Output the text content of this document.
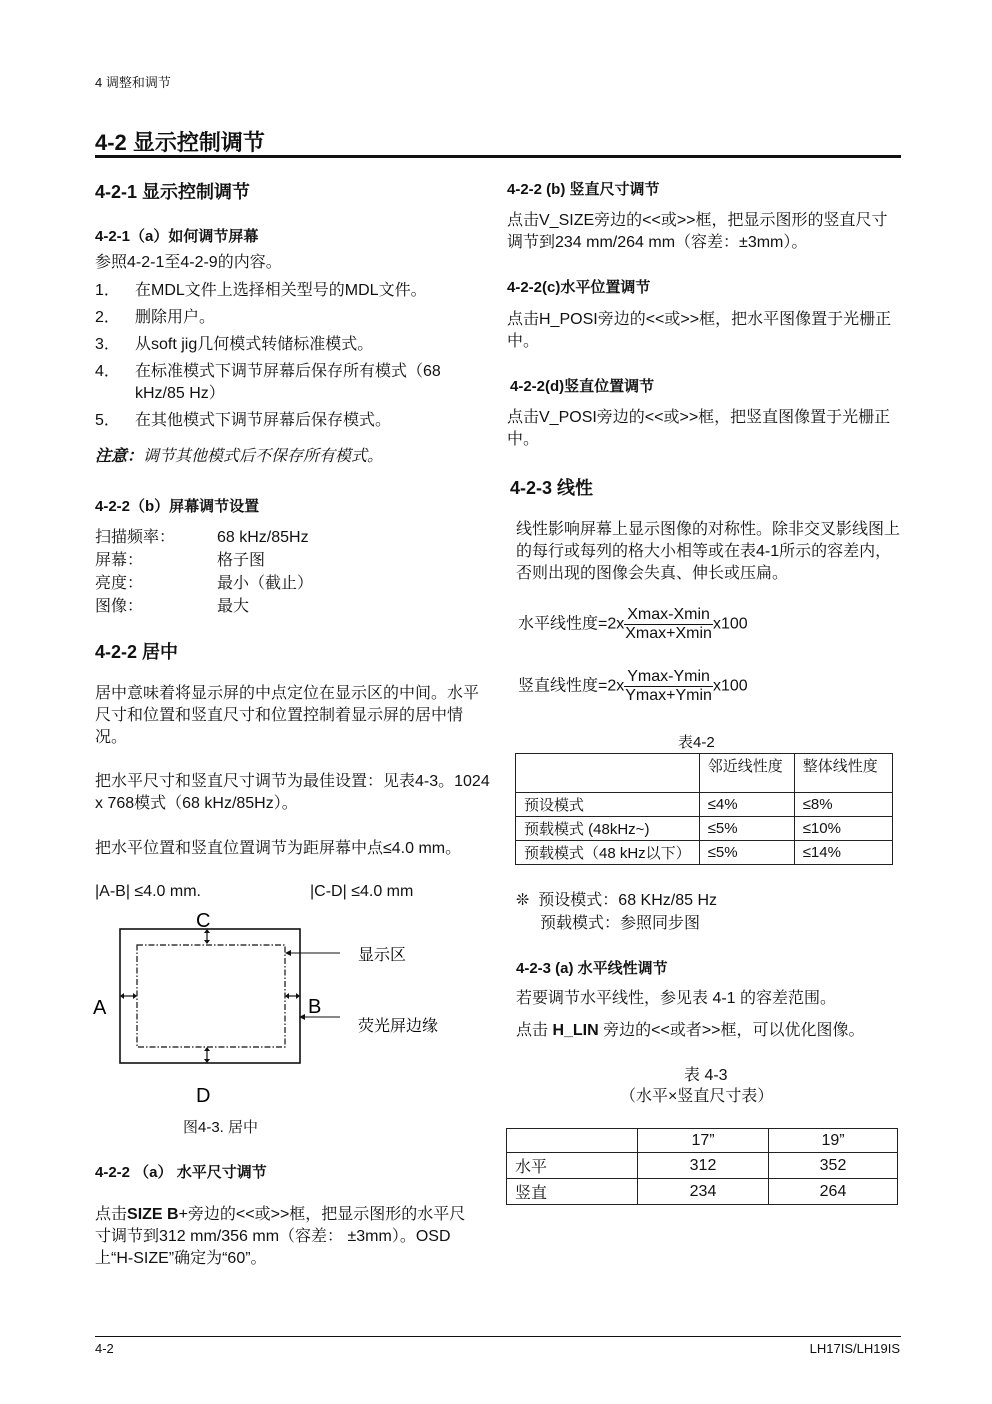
4 调整和调节
4-2 显示控制调节
4-2-1 显示控制调节
4-2-1（a）如何调节屏幕
参照4-2-1至4-2-9的内容。
1． 在MDL文件上选择相关型号的MDL文件。
2． 删除用户。
3． 从soft jig几何模式转储标准模式。
4． 在标准模式下调节屏幕后保存所有模式（68 kHz/85 Hz）
5． 在其他模式下调节屏幕后保存模式。
注意：调节其他模式后不保存所有模式。
4-2-2（b）屏幕调节设置
扫描频率：	68 kHz/85Hz
屏幕：	格子图
亮度：	最小（截止）
图像：	最大
4-2-2 居中
居中意味着将显示屏的中点定位在显示区的中间。水平尺寸和位置和竖直尺寸和位置控制着显示屏的居中情况。
把水平尺寸和竖直尺寸调节为最佳设置：见表4-3。1024 x 768模式（68 kHz/85Hz）。
把水平位置和竖直位置调节为距屏幕中点≤4.0 mm。
|A-B| ≤4.0 mm.	|C-D| ≤4.0 mm
C
D
A	B
显示区
荧光屏边缘
图4-3. 居中
4-2-2 （a） 水平尺寸调节
点击SIZE B+旁边的<<或>>框，把显示图形的水平尺寸调节到312 mm/356 mm（容差： ±3mm）。OSD上“H-SIZE”确定为“60”。
4-2-2 (b) 竖直尺寸调节
点击V_SIZE旁边的<<或>>框，把显示图形的竖直尺寸调节到234 mm/264 mm（容差：±3mm）。
4-2-2(c)水平位置调节
点击H_POSI旁边的<<或>>框，把水平图像置于光栅正中。
4-2-2(d)竖直位置调节
点击V_POSI旁边的<<或>>框，把竖直图像置于光栅正中。
4-2-3 线性
线性影响屏幕上显示图像的对称性。除非交叉影线图上的每行或每列的格大小相等或在表4-1所示的容差内，否则出现的图像会失真、伸长或压扁。
水平线性度$=2x \frac{Xmax-Xmin}{Xmax+Xmin} x100$
竖直线性度$=2x \frac{Ymax-Ymin}{Ymax+Ymin} x100$
表4-2
	邻近线性度	整体线性度
预设模式	≤4%	≤8%
预载模式 (48kHz~)	≤5%	≤10%
预载模式（48 kHz以下）	≤5%	≤14%
❊ 预设模式：68 KHz/85 Hz
预载模式：参照同步图
4-2-3 (a) 水平线性调节
若要调节水平线性，参见表 4-1 的容差范围。
点击 H_LIN 旁边的<<或者>>框，可以优化图像。
表 4-3
（水平×竖直尺寸表）
	17”	19”
水平	312	352
竖直	234	264
4-2	LH17IS/LH19IS
